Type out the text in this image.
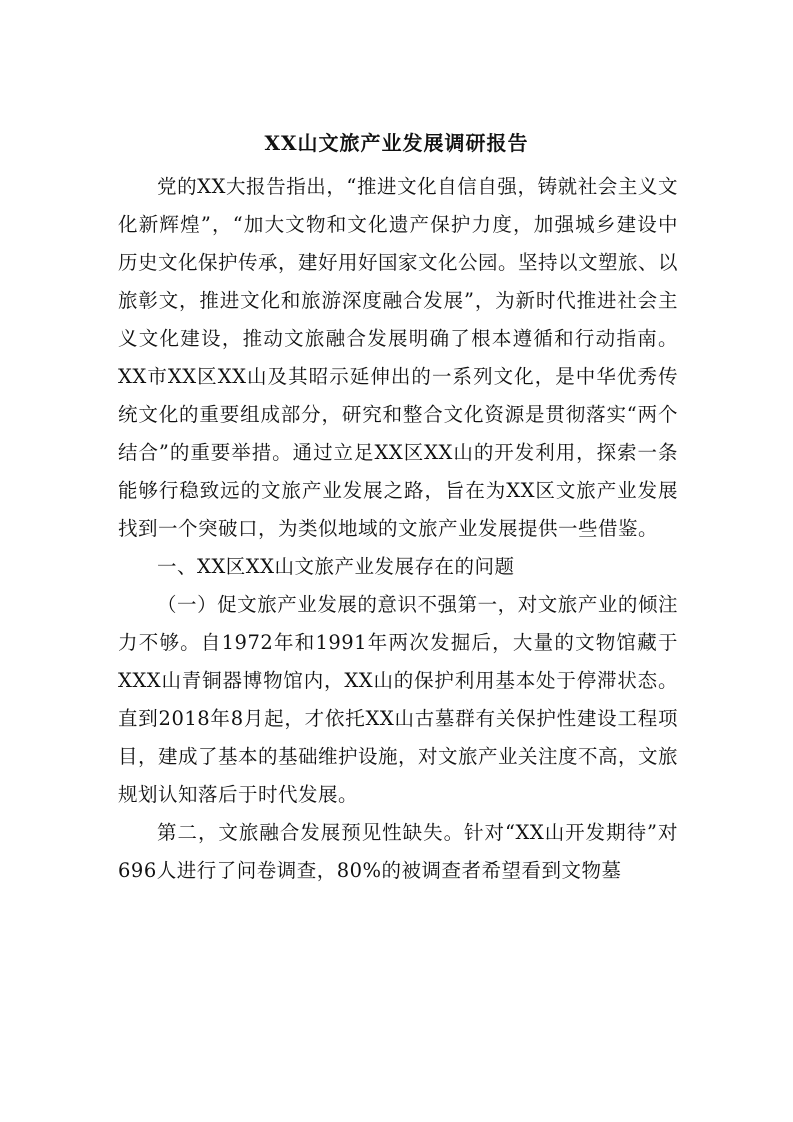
XX山文旅产业发展调研报告

党的XX大报告指出，“推进文化自信自强，铸就社会主义文化新辉煌”，“加大文物和文化遗产保护力度，加强城乡建设中历史文化保护传承，建好用好国家文化公园。坚持以文塑旅、以旅彰文，推进文化和旅游深度融合发展”，为新时代推进社会主义文化建设，推动文旅融合发展明确了根本遵循和行动指南。XX市XX区XX山及其昭示延伸出的一系列文化，是中华优秀传统文化的重要组成部分，研究和整合文化资源是贯彻落实“两个结合”的重要举措。通过立足XX区XX山的开发利用，探索一条能够行稳致远的文旅产业发展之路，旨在为XX区文旅产业发展找到一个突破口，为类似地域的文旅产业发展提供一些借鉴。

一、XX区XX山文旅产业发展存在的问题

（一）促文旅产业发展的意识不强第一，对文旅产业的倾注力不够。自1972年和1991年两次发掘后，大量的文物馆藏于XXX山青铜器博物馆内，XX山的保护利用基本处于停滞状态。直到2018年8月起，才依托XX山古墓群有关保护性建设工程项目，建成了基本的基础维护设施，对文旅产业关注度不高，文旅规划认知落后于时代发展。

第二，文旅融合发展预见性缺失。针对“XX山开发期待”对696人进行了问卷调查，80%的被调查者希望看到文物墓
